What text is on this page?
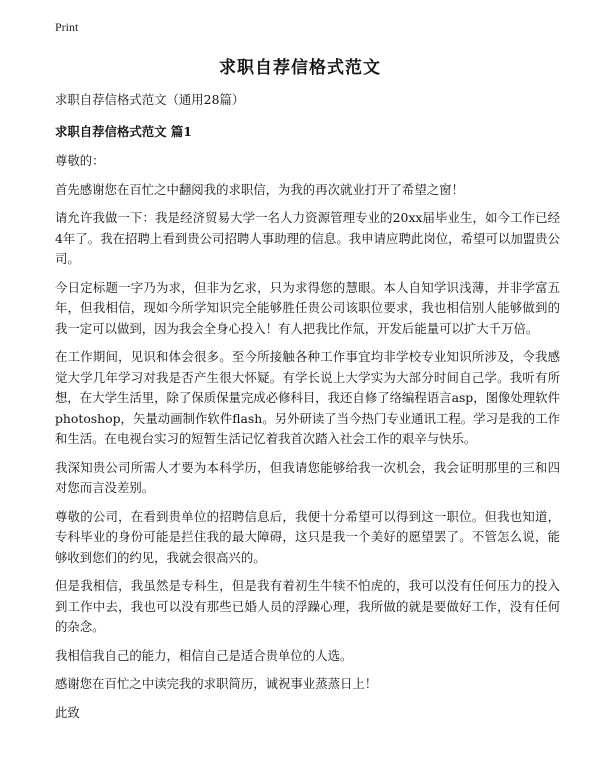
Print
求职自荐信格式范文

求职自荐信格式范文（通用28篇）

求职自荐信格式范文 篇1

尊敬的：

首先感谢您在百忙之中翻阅我的求职信，为我的再次就业打开了希望之窗！

请允许我做一下：我是经济贸易大学一名人力资源管理专业的20xx届毕业生，如今工作已经4年了。我在招聘上看到贵公司招聘人事助理的信息。我申请应聘此岗位，希望可以加盟贵公司。

今日定标题一字乃为求，但非为乞求，只为求得您的慧眼。本人自知学识浅薄，并非学富五年，但我相信，现如今所学知识完全能够胜任贵公司该职位要求，我也相信别人能够做到的我一定可以做到，因为我会全身心投入！有人把我比作氚，开发后能量可以扩大千万倍。

在工作期间，见识和体会很多。至今所接触各种工作事宜均非学校专业知识所涉及，令我感觉大学几年学习对我是否产生很大怀疑。有学长说上大学实为大部分时间自己学。我听有所想，在大学生活里，除了保质保量完成必修科目，我还自修了络编程语言asp，图像处理软件photoshop，矢量动画制作软件flash。另外研读了当今热门专业通讯工程。学习是我的工作和生活。在电视台实习的短暂生活记忆着我首次踏入社会工作的艰辛与快乐。

我深知贵公司所需人才要为本科学历，但我请您能够给我一次机会，我会证明那里的三和四对您而言没差别。

尊敬的公司，在看到贵单位的招聘信息后，我便十分希望可以得到这一职位。但我也知道，专科毕业的身份可能是拦住我的最大障碍，这只是我一个美好的愿望罢了。不管怎么说，能够收到您们的约见，我就会很高兴的。

但是我相信，我虽然是专科生，但是我有着初生牛犊不怕虎的，我可以没有任何压力的投入到工作中去，我也可以没有那些已婚人员的浮躁心理，我所做的就是要做好工作，没有任何的杂念。

我相信我自己的能力，相信自己是适合贵单位的人选。

感谢您在百忙之中读完我的求职简历，诚祝事业蒸蒸日上！

此致
